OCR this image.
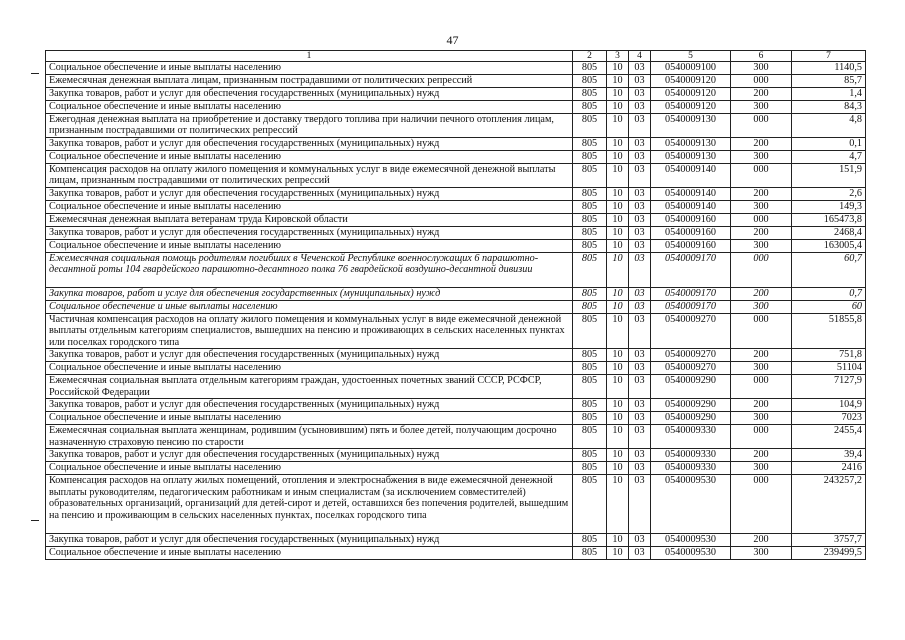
47
1	2	3	4	5	6	7
Социальное обеспечение и иные выплаты населению	805	10	03	0540009100	300	1140,5
Ежемесячная денежная выплата лицам, признанным пострадавшими от политических репрессий	805	10	03	0540009120	000	85,7
Закупка товаров, работ и услуг для обеспечения государственных (муниципальных) нужд	805	10	03	0540009120	200	1,4
Социальное обеспечение и иные выплаты населению	805	10	03	0540009120	300	84,3
Ежегодная денежная выплата на приобретение и доставку твердого топлива при наличии печного отопления лицам, признанным пострадавшими от политических репрессий	805	10	03	0540009130	000	4,8
Закупка товаров, работ и услуг для обеспечения государственных (муниципальных) нужд	805	10	03	0540009130	200	0,1
Социальное обеспечение и иные выплаты населению	805	10	03	0540009130	300	4,7
Компенсация расходов на оплату жилого помещения и коммунальных услуг в виде ежемесячной денежной выплаты лицам, признанным пострадавшими от политических репрессий	805	10	03	0540009140	000	151,9
Закупка товаров, работ и услуг для обеспечения государственных (муниципальных) нужд	805	10	03	0540009140	200	2,6
Социальное обеспечение и иные выплаты населению	805	10	03	0540009140	300	149,3
Ежемесячная денежная выплата ветеранам труда Кировской области	805	10	03	0540009160	000	165473,8
Закупка товаров, работ и услуг для обеспечения государственных (муниципальных) нужд	805	10	03	0540009160	200	2468,4
Социальное обеспечение и иные выплаты населению	805	10	03	0540009160	300	163005,4
Ежемесячная социальная помощь родителям погибших в Чеченской Республике военнослужащих 6 парашютно-десантной роты 104 гвардейского парашютно-десантного полка 76 гвардейской воздушно-десантной дивизии	805	10	03	0540009170	000	60,7
Закупка товаров, работ и услуг для обеспечения государственных (муниципальных) нужд	805	10	03	0540009170	200	0,7
Социальное обеспечение и иные выплаты населению	805	10	03	0540009170	300	60
Частичная компенсация расходов на оплату жилого помещения и коммунальных услуг в виде ежемесячной денежной выплаты отдельным категориям специалистов, вышедших на пенсию и проживающих в сельских населенных пунктах или поселках городского типа	805	10	03	0540009270	000	51855,8
Закупка товаров, работ и услуг для обеспечения государственных (муниципальных) нужд	805	10	03	0540009270	200	751,8
Социальное обеспечение и иные выплаты населению	805	10	03	0540009270	300	51104
Ежемесячная социальная выплата отдельным категориям граждан, удостоенных почетных званий СССР, РСФСР, Российской Федерации	805	10	03	0540009290	000	7127,9
Закупка товаров, работ и услуг для обеспечения государственных (муниципальных) нужд	805	10	03	0540009290	200	104,9
Социальное обеспечение и иные выплаты населению	805	10	03	0540009290	300	7023
Ежемесячная социальная выплата женщинам, родившим (усыновившим) пять и более детей, получающим досрочно назначенную страховую пенсию по старости	805	10	03	0540009330	000	2455,4
Закупка товаров, работ и услуг для обеспечения государственных (муниципальных) нужд	805	10	03	0540009330	200	39,4
Социальное обеспечение и иные выплаты населению	805	10	03	0540009330	300	2416
Компенсация расходов на оплату жилых помещений, отопления и электроснабжения в виде ежемесячной денежной выплаты руководителям, педагогическим работникам и иным специалистам (за исключением совместителей) образовательных организаций, организаций для детей-сирот и детей, оставшихся без попечения родителей, вышедшим на пенсию и проживающим в сельских населенных пунктах, поселках городского типа	805	10	03	0540009530	000	243257,2
Закупка товаров, работ и услуг для обеспечения государственных (муниципальных) нужд	805	10	03	0540009530	200	3757,7
Социальное обеспечение и иные выплаты населению	805	10	03	0540009530	300	239499,5
